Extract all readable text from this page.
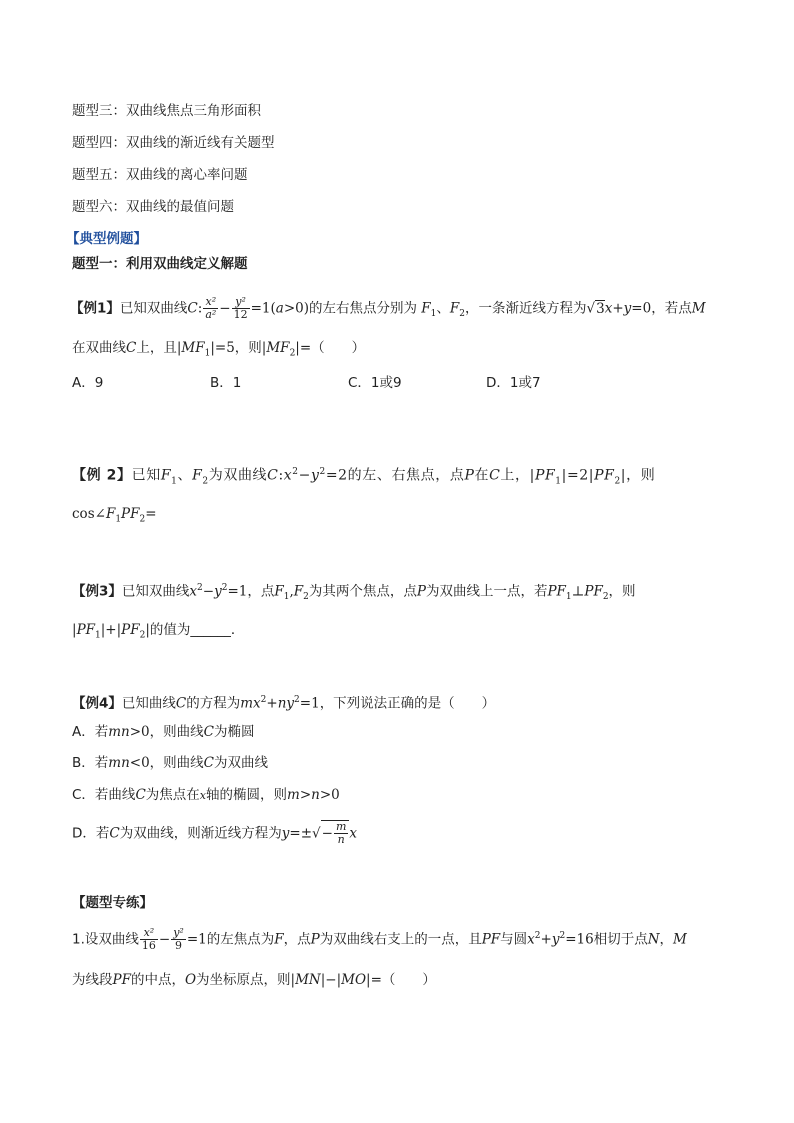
题型三：双曲线焦点三角形面积
题型四：双曲线的渐近线有关题型
题型五：双曲线的离心率问题
题型六：双曲线的最值问题
【典型例题】
题型一：利用双曲线定义解题
【例1】已知双曲线C: $\frac{\text{x²}}{\text{a²}} - \frac{\text{y²}}{12} =1(a>0)$的左右焦点分别为 $F_1$、$F_2$，一条渐近线方程为√3x+y=0，若点M
在双曲线C上，且$|MF_1|=5$，则$|MF_2|=$（　　）
A．9	B．1	C．1或9	D．1或7
【例 2】已知$F_1$、$F_2$为双曲线$C:x^2-y^2=2$的左、右焦点，点P在C上，$|PF_1|=2|PF_2|$，则
$\cos\angle F_1PF_2=$
【例3】已知双曲线$x^2-y^2=1$，点$F_1,F_2$为其两个焦点，点P为双曲线上一点，若$PF_1\perp PF_2$，则
$|PF_1|+|PF_2|$的值为______．
【例4】已知曲线C的方程为$mx^2+ny^2=1$，下列说法正确的是（　　）
A．若mn>0，则曲线C为椭圆
B．若mn<0，则曲线C为双曲线
C．若曲线C为焦点在x轴的椭圆，则m>n>0
D．若C为双曲线，则渐近线方程为$y=\pm√- \frac{m}{n}$ x
【题型专练】
1.设双曲线 $\frac{\text{x²}}{16} - \frac{\text{y²}}{9} =1$的左焦点为F，点P为双曲线右支上的一点，且PF与圆$x^2+y^2=16$相切于点N，M
为线段PF的中点，O为坐标原点，则|MN|−|MO|=（　　）
